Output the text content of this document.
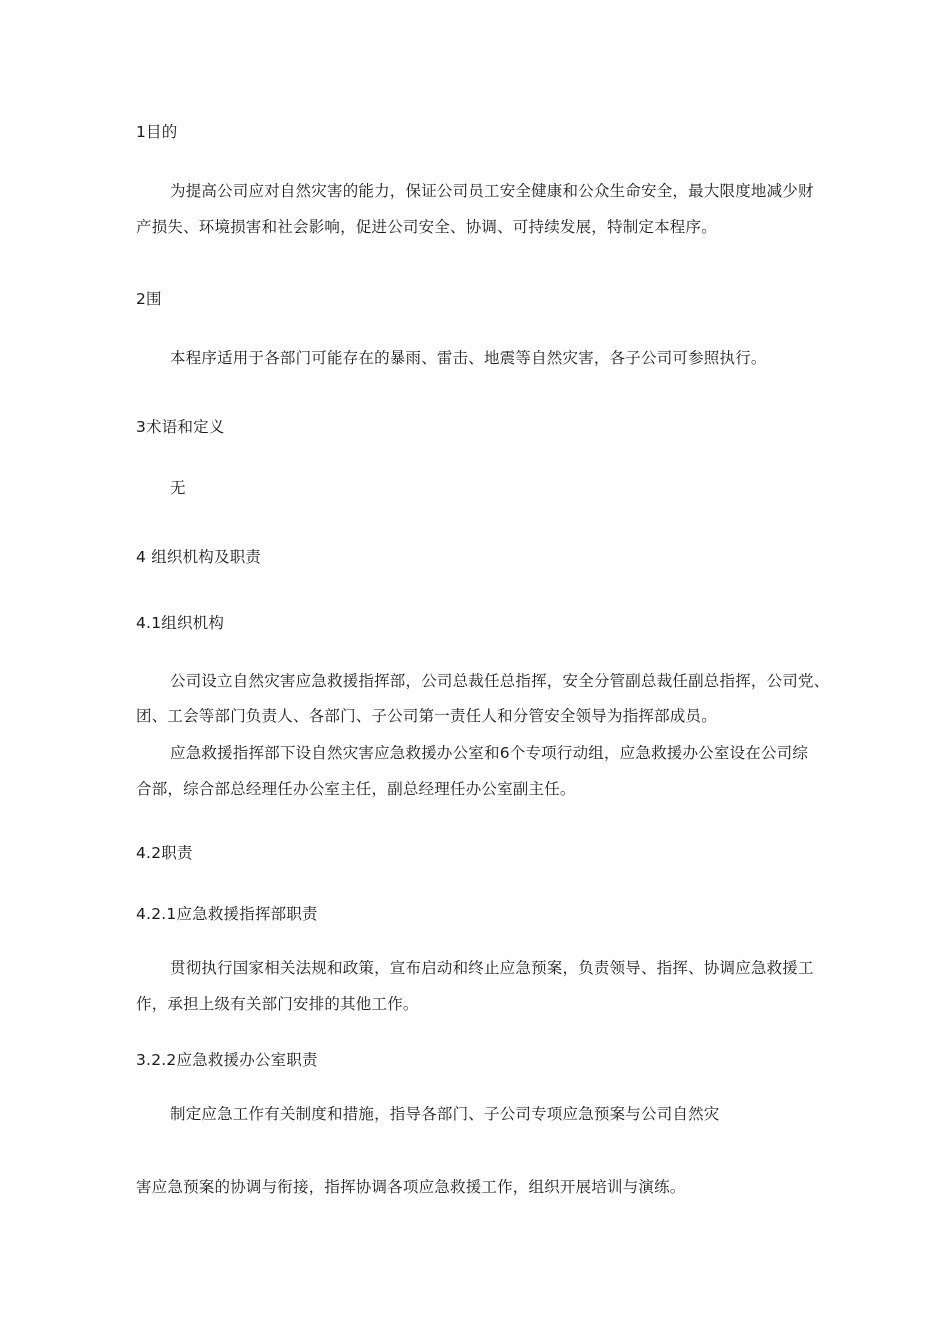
1目的

为提高公司应对自然灾害的能力，保证公司员工安全健康和公众生命安全，最大限度地减少财

产损失、环境损害和社会影响，促进公司安全、协调、可持续发展，特制定本程序。

2围

本程序适用于各部门可能存在的暴雨、雷击、地震等自然灾害，各子公司可参照执行。

3术语和定义

无

4 组织机构及职责

4.1组织机构

公司设立自然灾害应急救援指挥部，公司总裁任总指挥，安全分管副总裁任副总指挥，公司党、

团、工会等部门负责人、各部门、子公司第一责任人和分管安全领导为指挥部成员。

应急救援指挥部下设自然灾害应急救援办公室和6个专项行动组，应急救援办公室设在公司综

合部，综合部总经理任办公室主任，副总经理任办公室副主任。

4.2职责

4.2.1应急救援指挥部职责

贯彻执行国家相关法规和政策，宣布启动和终止应急预案，负责领导、指挥、协调应急救援工

作，承担上级有关部门安排的其他工作。

3.2.2应急救援办公室职责

制定应急工作有关制度和措施，指导各部门、子公司专项应急预案与公司自然灾

害应急预案的协调与衔接，指挥协调各项应急救援工作，组织开展培训与演练。
